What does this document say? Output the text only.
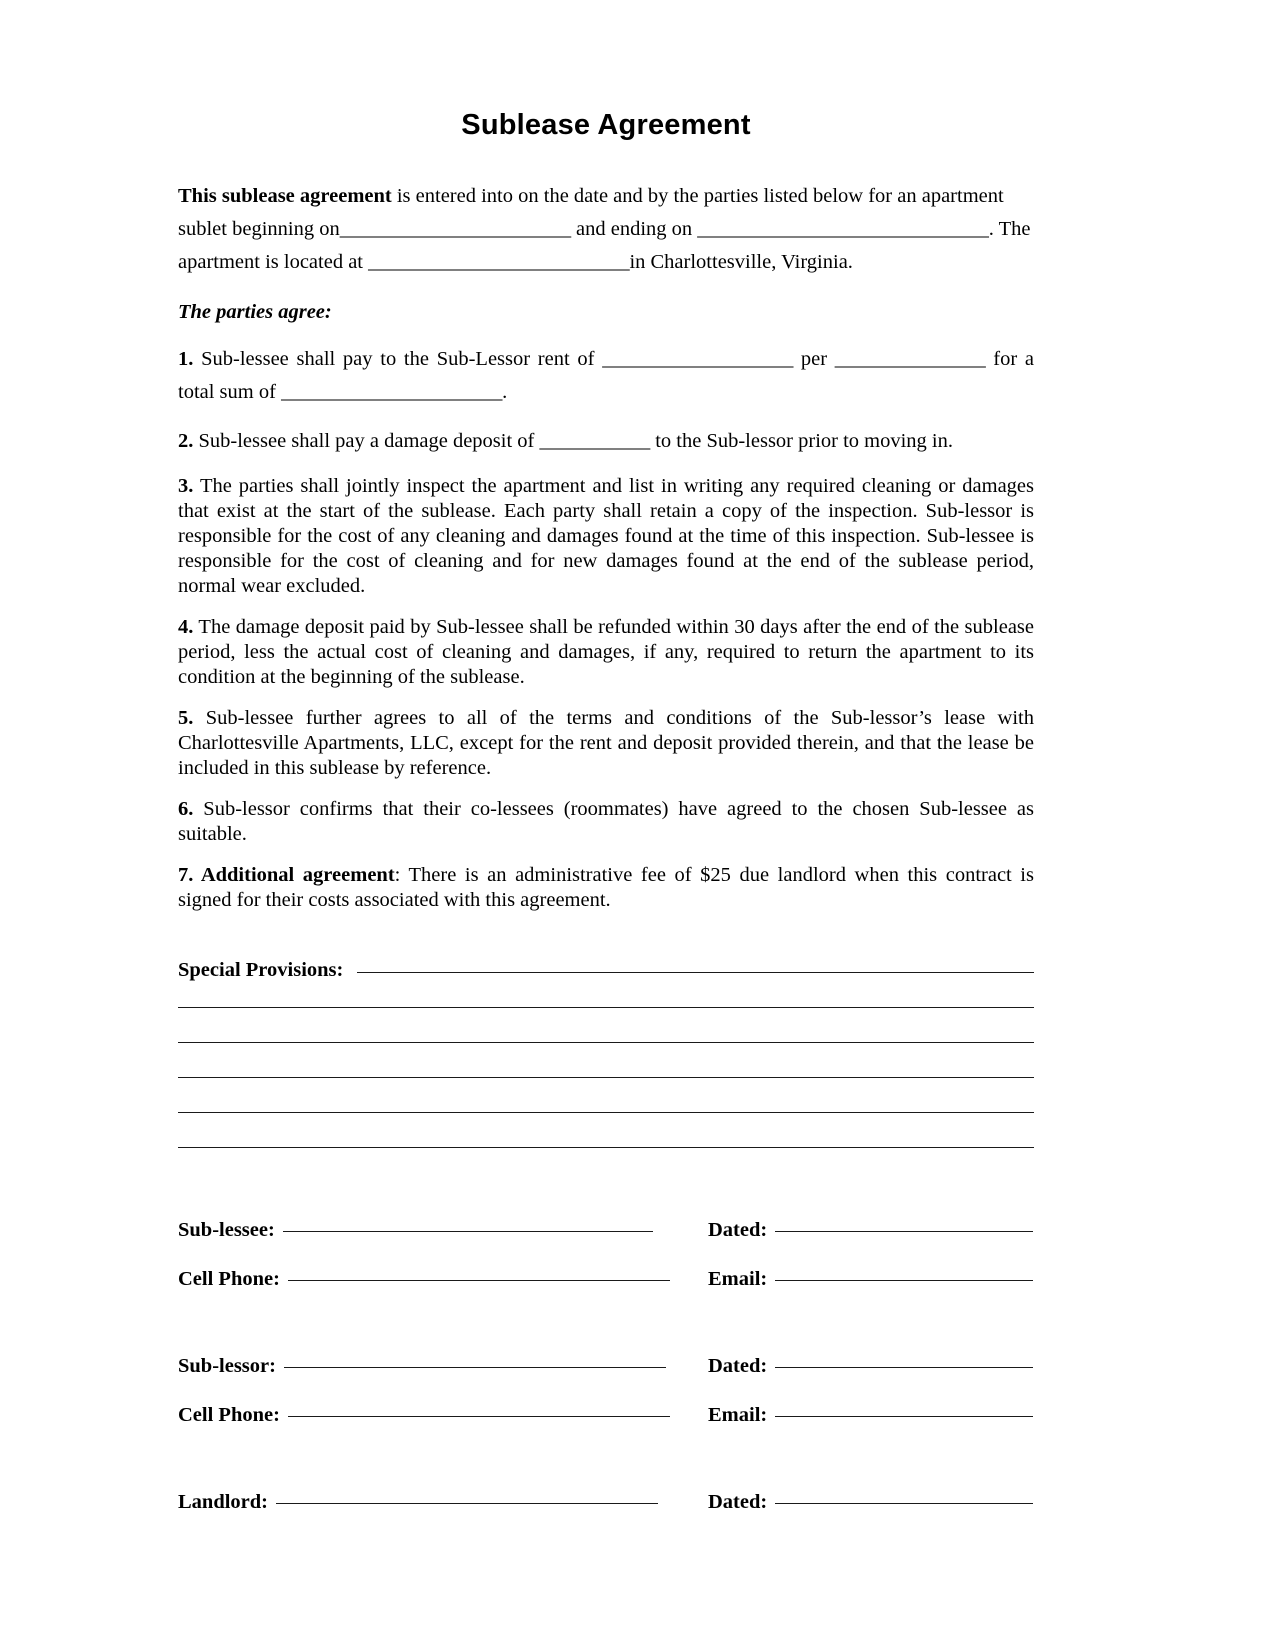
Sublease Agreement

This sublease agreement is entered into on the date and by the parties listed below for an apartment sublet beginning on_______________________ and ending on _____________________________. The apartment is located at __________________________in Charlottesville, Virginia.

The parties agree:

1. Sub-lessee shall pay to the Sub-Lessor rent of ___________________ per _______________ for a total sum of ______________________.

2. Sub-lessee shall pay a damage deposit of ___________ to the Sub-lessor prior to moving in.

3. The parties shall jointly inspect the apartment and list in writing any required cleaning or damages that exist at the start of the sublease. Each party shall retain a copy of the inspection. Sub-lessor is responsible for the cost of any cleaning and damages found at the time of this inspection. Sub-lessee is responsible for the cost of cleaning and for new damages found at the end of the sublease period, normal wear excluded.

4. The damage deposit paid by Sub-lessee shall be refunded within 30 days after the end of the sublease period, less the actual cost of cleaning and damages, if any, required to return the apartment to its condition at the beginning of the sublease.

5. Sub-lessee further agrees to all of the terms and conditions of the Sub-lessor’s lease with Charlottesville Apartments, LLC, except for the rent and deposit provided therein, and that the lease be included in this sublease by reference.

6. Sub-lessor confirms that their co-lessees (roommates) have agreed to the chosen Sub-lessee as suitable.

7. Additional agreement: There is an administrative fee of $25 due landlord when this contract is signed for their costs associated with this agreement.

Special Provisions:
Sub-lessee:	Dated:
Cell Phone:	Email:
Sub-lessor:	Dated:
Cell Phone:	Email:
Landlord:	Dated:
